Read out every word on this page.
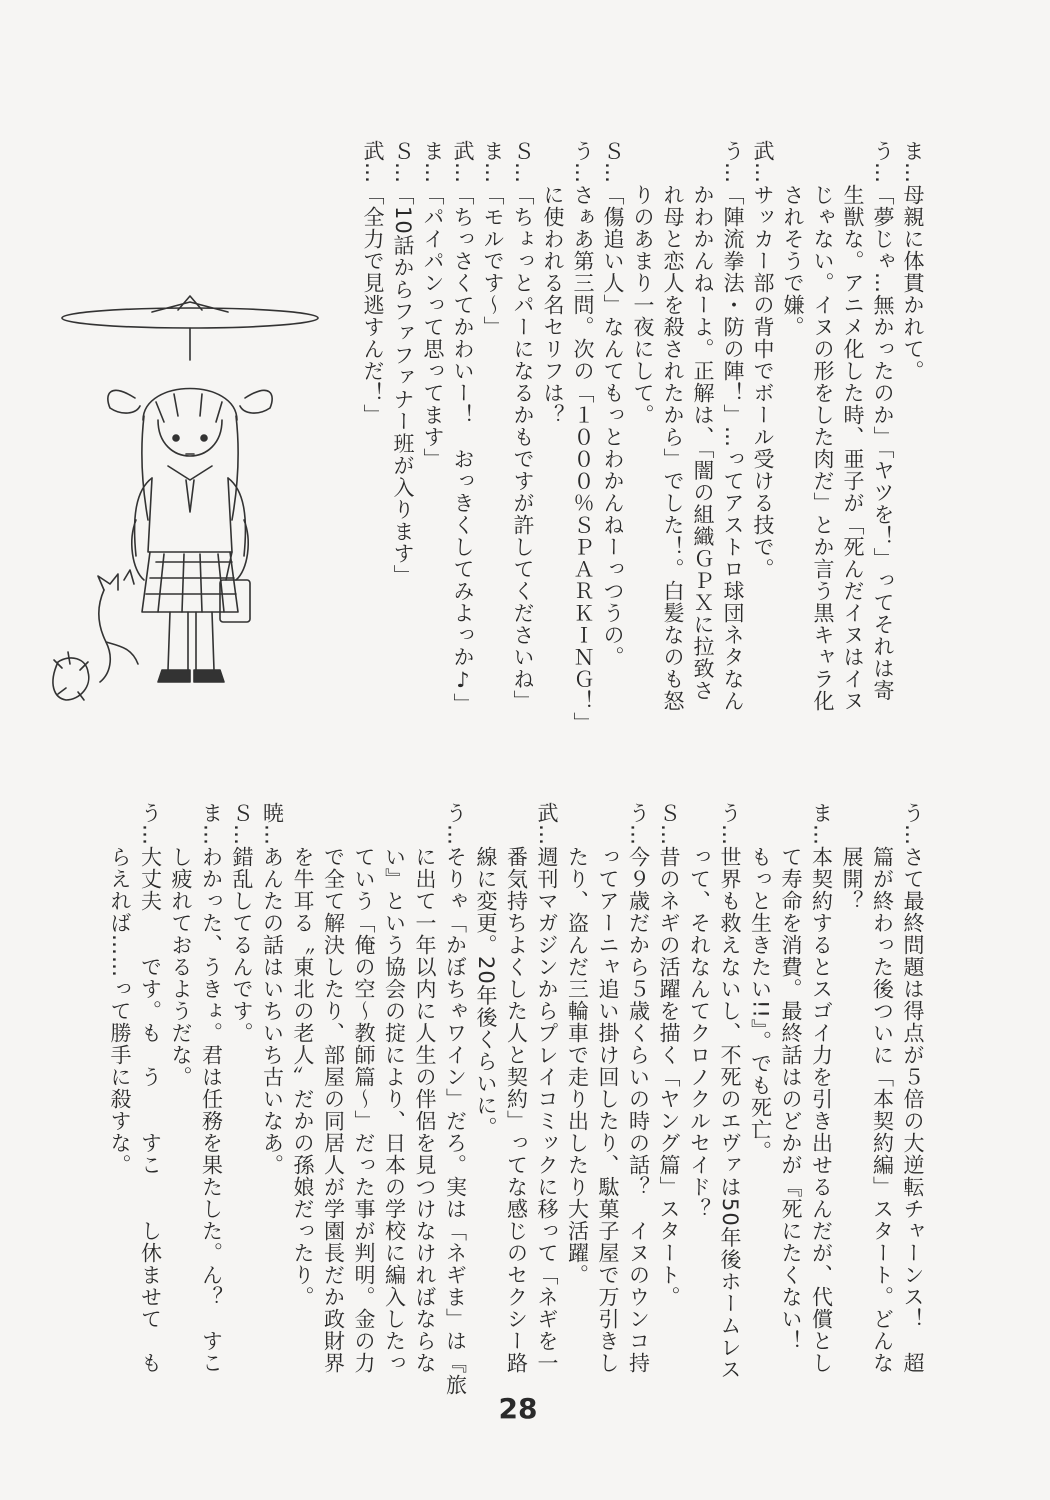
ま…母親に体貫かれて。

う…「夢じゃ…無かったのか」「ヤツを！」ってそれは寄

　　生獣な。アニメ化した時、亜子が「死んだイヌはイヌ

　　じゃない。イヌの形をした肉だ」とか言う黒キャラ化

　　されそうで嫌。

武…サッカー部の背中でボール受ける技で。

う…「陣流拳法・防の陣！」…ってアストロ球団ネタなん

　　かわかんねーよ。正解は、「闇の組織ＧＰＸに拉致さ

　　れ母と恋人を殺されたから」でした！。白髪なのも怒

　　りのあまり一夜にして。

Ｓ…「傷追い人」なんてもっとわかんねーっつうの。

う…さぁあ第三問。次の「１０００％ＳＰＡＲＫＩＮＧ！」

　　に使われる名セリフは？

Ｓ…「ちょっとパーになるかもですが許してくださいね」

ま…「モルです～」

武…「ちっさくてかわいー！　おっきくしてみよっか♪」

ま…「パイパンって思ってます」

Ｓ…「10話からファファナー班が入ります」

武…「全力で見逃すんだ！」

う…さて最終問題は得点が５倍の大逆転チャーンス！　超

　　篇が終わった後ついに「本契約編」スタート。どんな

　　展開？

ま…本契約するとスゴイ力を引き出せるんだが、代償とし

　　て寿命を消費。最終話はのどかが『死にたくない！

　　もっと生きたい!!』。でも死亡。

う…世界も救えないし、不死のエヴァは50年後ホームレス

　　って、それなんてクロノクルセイド？

Ｓ…昔のネギの活躍を描く「ヤング篇」スタート。

う…今９歳だから５歳くらいの時の話？　イヌのウンコ持

　　ってアーニャ追い掛け回したり、駄菓子屋で万引きし

　　たり、盗んだ三輪車で走り出したり大活躍。

武…週刊マガジンからプレイコミックに移って「ネギを一

　　番気持ちよくした人と契約」ってな感じのセクシー路

　　線に変更。20年後くらいに。

う…そりゃ「かぼちゃワイン」だろ。実は「ネギま」は『旅

　　に出て一年以内に人生の伴侶を見つけなければならな

　　い』という協会の掟により、日本の学校に編入したっ

　　ていう「俺の空～教師篇～」だった事が判明。金の力

　　で全て解決したり、部屋の同居人が学園長だか政財界

　　を牛耳る〝東北の老人〟だかの孫娘だったり。

暁…あんたの話はいちいち古いなあ。

Ｓ…錯乱してるんです。

ま…わかった、うきょ。君は任務を果たした。ん？　すこ

　　し疲れておるようだな。

う…大丈夫　　です。も　う　　すこ　　し休ませて　も

　　らえれば……って勝手に殺すな。

28
